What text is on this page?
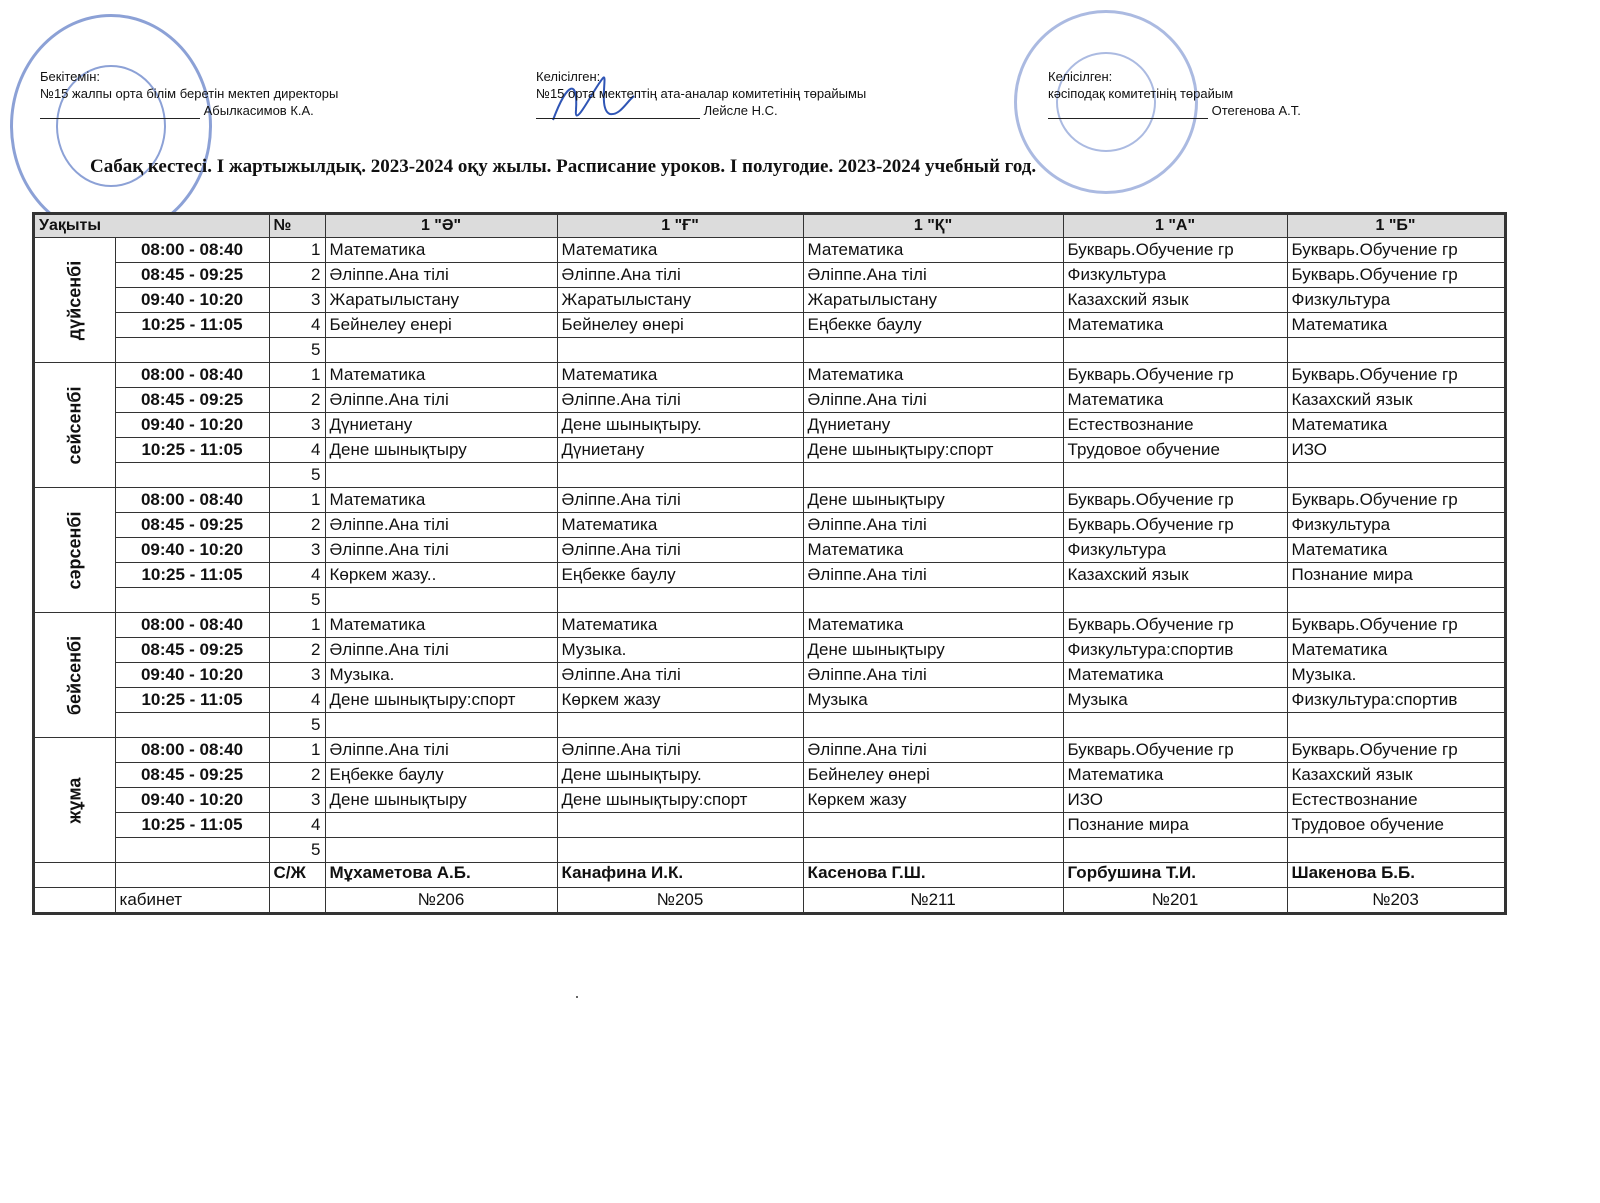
Бекітемін:
№15 жалпы орта білім беретін мектеп директоры
Абылкасимов К.А.
Келісілген:
№15 орта мектептің ата-аналар комитетінің төрайымы
Лейсле Н.С.
Келісілген:
кәсіподақ комитетінің төрайым
Отегенова А.Т.
Сабақ кестесі. I жартыжылдық. 2023-2024 оқу жылы. Расписание уроков. I полугодие. 2023-2024 учебный год.
Уақыты		№	1 "Ә"	1 "Ғ"	1 "Қ"	1 "А"	1 "Б"

дүйсенбі	08:00 - 08:40	1	Математика	Математика	Математика	Букварь.Обучение гр	Букварь.Обучение гр
	08:45 - 09:25	2	Әліппе.Ана тілі	Әліппе.Ана тілі	Әліппе.Ана тілі	Физкультура	Букварь.Обучение гр
	09:40 - 10:20	3	Жаратылыстану	Жаратылыстану	Жаратылыстану	Казахский язык	Физкультура
	10:25 - 11:05	4	Бейнелеу енері	Бейнелеу өнері	Еңбекке баулу	Математика	Математика
		5					

сейсенбі	08:00 - 08:40	1	Математика	Математика	Математика	Букварь.Обучение гр	Букварь.Обучение гр
	08:45 - 09:25	2	Әліппе.Ана тілі	Әліппе.Ана тілі	Әліппе.Ана тілі	Математика	Казахский язык
	09:40 - 10:20	3	Дүниетану	Дене шынықтыру.	Дүниетану	Естествознание	Математика
	10:25 - 11:05	4	Дене шынықтыру	Дүниетану	Дене шынықтыру:спорт	Трудовое обучение	ИЗО
		5					

сәрсенбі	08:00 - 08:40	1	Математика	Әліппе.Ана тілі	Дене шынықтыру	Букварь.Обучение гр	Букварь.Обучение гр
	08:45 - 09:25	2	Әліппе.Ана тілі	Математика	Әліппе.Ана тілі	Букварь.Обучение гр	Физкультура
	09:40 - 10:20	3	Әліппе.Ана тілі	Әліппе.Ана тілі	Математика	Физкультура	Математика
	10:25 - 11:05	4	Көркем жазу..	Еңбекке баулу	Әліппе.Ана тілі	Казахский язык	Познание мира
		5					

бейсенбі	08:00 - 08:40	1	Математика	Математика	Математика	Букварь.Обучение гр	Букварь.Обучение гр
	08:45 - 09:25	2	Әліппе.Ана тілі	Музыка.	Дене шынықтыру	Физкультура:спортив	Математика
	09:40 - 10:20	3	Музыка.	Әліппе.Ана тілі	Әліппе.Ана тілі	Математика	Музыка.
	10:25 - 11:05	4	Дене шынықтыру:спорт	Көркем жазу	Музыка	Музыка	Физкультура:спортив
		5					

жұма	08:00 - 08:40	1	Әліппе.Ана тілі	Әліппе.Ана тілі	Әліппе.Ана тілі	Букварь.Обучение гр	Букварь.Обучение гр
	08:45 - 09:25	2	Еңбекке баулу	Дене шынықтыру.	Бейнелеу өнері	Математика	Казахский язык
	09:40 - 10:20	3	Дене шынықтыру	Дене шынықтыру:спорт	Көркем жазу	ИЗО	Естествознание
	10:25 - 11:05	4				Познание мира	Трудовое обучение
		5					
		С/Ж	Мұхаметова А.Б.	Канафина И.К.	Касенова Г.Ш.	Горбушина Т.И.	Шакенова Б.Б.
	кабинет		№206	№205	№211	№201	№203
